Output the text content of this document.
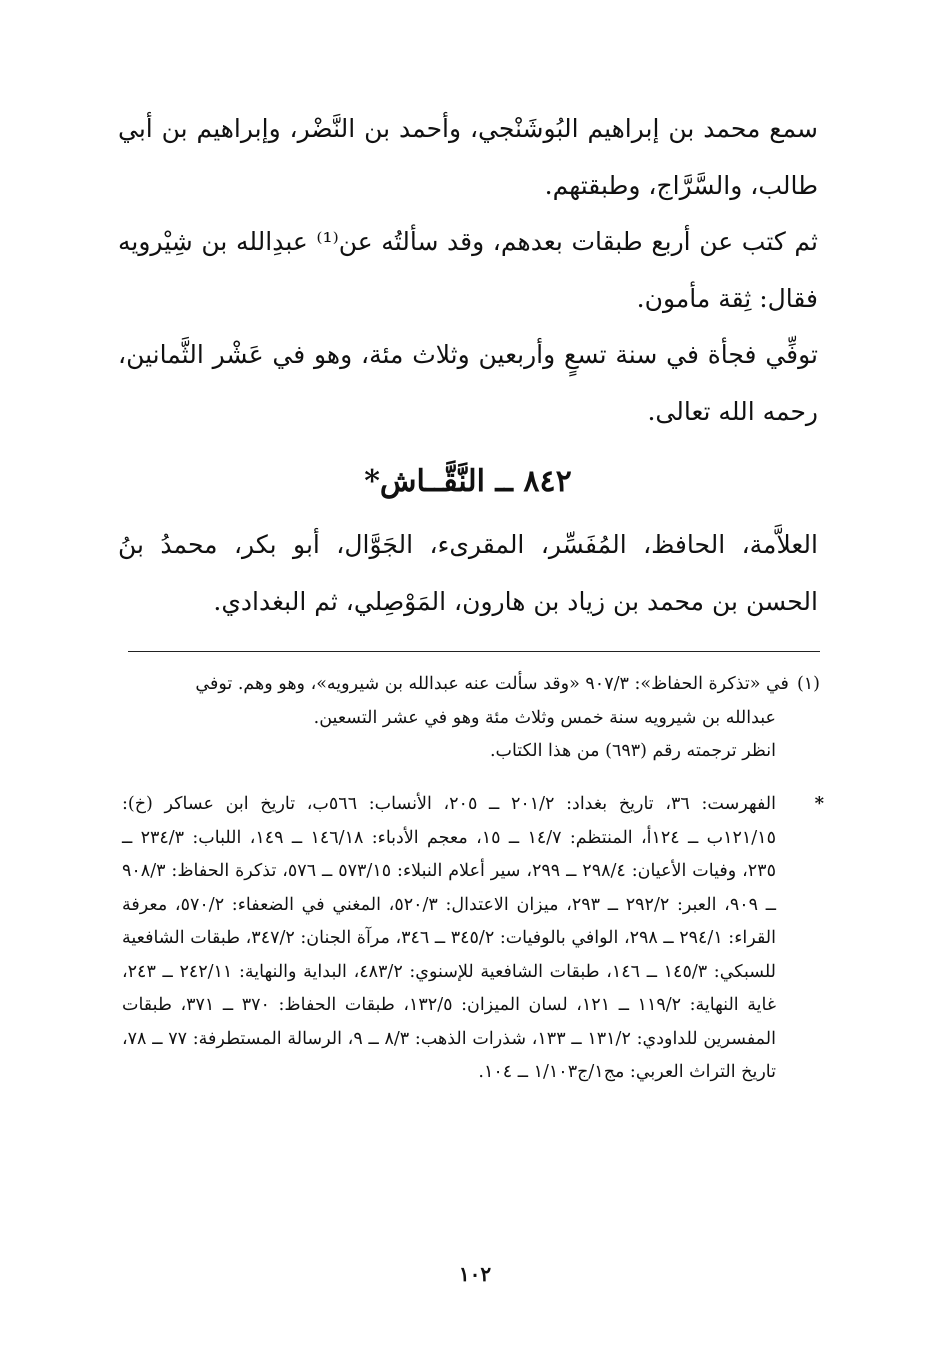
سمع محمد بن إبراهيم البُوشَنْجي، وأحمد بن النَّضْر، وإبراهيم بن أبي طالب، والسَّرَّاج، وطبقتهم.

ثم كتب عن أربع طبقات بعدهم، وقد سألتُه عن⁽¹⁾ عبدِالله بن شِيْرويه فقال: ثِقة مأمون.

توفِّي فجأة في سنة تسعٍ وأربعين وثلاث مئة، وهو في عَشْر الثَّمانين، رحمه الله تعالى.

٨٤٢ ــ النَّقَّــاش*

العلاَّمة، الحافظ، المُفَسِّر، المقرىء، الجَوَّال، أبو بكر، محمدُ بنُ الحسن بن محمد بن زياد بن هارون، المَوْصِلي، ثم البغدادي.

(١)في «تذكرة الحفاظ»: ٩٠٧/٣ «وقد سألت عنه عبدالله بن شيرويه»، وهو وهم. توفي

عبدالله بن شيرويه سنة خمس وثلاث مئة وهو في عشر التسعين.

انظر ترجمته رقم (٦٩٣) من هذا الكتاب.

*

الفهرست: ٣٦، تاريخ بغداد: ٢٠١/٢ ــ ٢٠٥، الأنساب: ٥٦٦ب، تاريخ ابن عساكر (خ): ١٢١/١٥ب ــ ١٢٤أ، المنتظم: ١٤/٧ ــ ١٥، معجم الأدباء: ١٤٦/١٨ ــ ١٤٩، اللباب: ٢٣٤/٣ ــ ٢٣٥، وفيات الأعيان: ٢٩٨/٤ ــ ٢٩٩، سير أعلام النبلاء: ٥٧٣/١٥ ــ ٥٧٦، تذكرة الحفاظ: ٩٠٨/٣ ــ ٩٠٩، العبر: ٢٩٢/٢ ــ ٢٩٣، ميزان الاعتدال: ٥٢٠/٣، المغني في الضعفاء: ٥٧٠/٢، معرفة القراء: ٢٩٤/١ ــ ٢٩٨، الوافي بالوفيات: ٣٤٥/٢ ــ ٣٤٦، مرآة الجنان: ٣٤٧/٢، طبقات الشافعية للسبكي: ١٤٥/٣ ــ ١٤٦، طبقات الشافعية للإسنوي: ٤٨٣/٢، البداية والنهاية: ٢٤٢/١١ ــ ٢٤٣، غاية النهاية: ١١٩/٢ ــ ١٢١، لسان الميزان: ١٣٢/٥، طبقات الحفاظ: ٣٧٠ ــ ٣٧١، طبقات المفسرين للداودي: ١٣١/٢ ــ ١٣٣، شذرات الذهب: ٨/٣ ــ ٩، الرسالة المستطرفة: ٧٧ ــ ٧٨، تاريخ التراث العربي: مج١/ج١/١٠٣ ــ ١٠٤.

١٠٢
